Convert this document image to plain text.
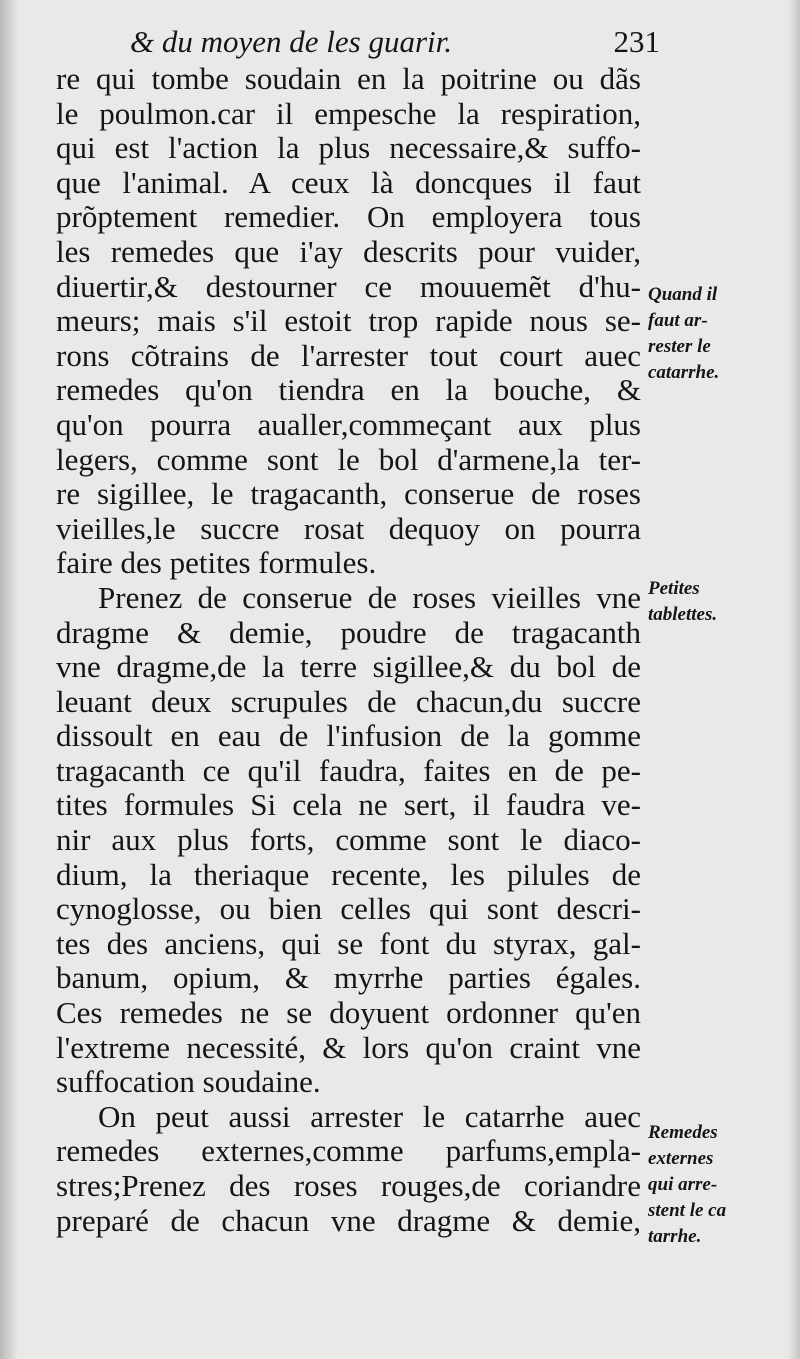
& du moyen de les guarir.	231
re qui tombe soudain en la poitrine ou dãs
le poulmon.car il empesche la respiration,
qui est l'action la plus necessaire,& suffo-
que l'animal. A ceux là doncques il faut
prõptement remedier. On employera tous
les remedes que i'ay descrits pour vuider,
diuertir,& destourner ce mouuemẽt d'hu-
meurs; mais s'il estoit trop rapide nous se-
rons cõtrains de l'arrester tout court auec
remedes qu'on tiendra en la bouche, &
qu'on pourra aualler,commeçant aux plus
legers, comme sont le bol d'armene,la ter-
re sigillee, le tragacanth, conserue de roses
vieilles,le succre rosat dequoy on pourra
faire des petites formules.
Prenez de conserue de roses vieilles vne
dragme & demie, poudre de tragacanth
vne dragme,de la terre sigillee,& du bol de
leuant deux scrupules de chacun,du succre
dissoult en eau de l'infusion de la gomme
tragacanth ce qu'il faudra, faites en de pe-
tites formules Si cela ne sert, il faudra ve-
nir aux plus forts, comme sont le diaco-
dium, la theriaque recente, les pilules de
cynoglosse, ou bien celles qui sont descri-
tes des anciens, qui se font du styrax, gal-
banum, opium, & myrrhe parties égales.
Ces remedes ne se doyuent ordonner qu'en
l'extreme necessité, & lors qu'on craint vne
suffocation soudaine.
On peut aussi arrester le catarrhe auec
remedes externes,comme parfums,empla-
stres;Prenez des roses rouges,de coriandre
preparé de chacun vne dragme & demie,
Quand il
faut ar-
rester le
catarrhe.
Petites
tablettes.
Remedes
externes
qui arre-
stent le ca
tarrhe.
